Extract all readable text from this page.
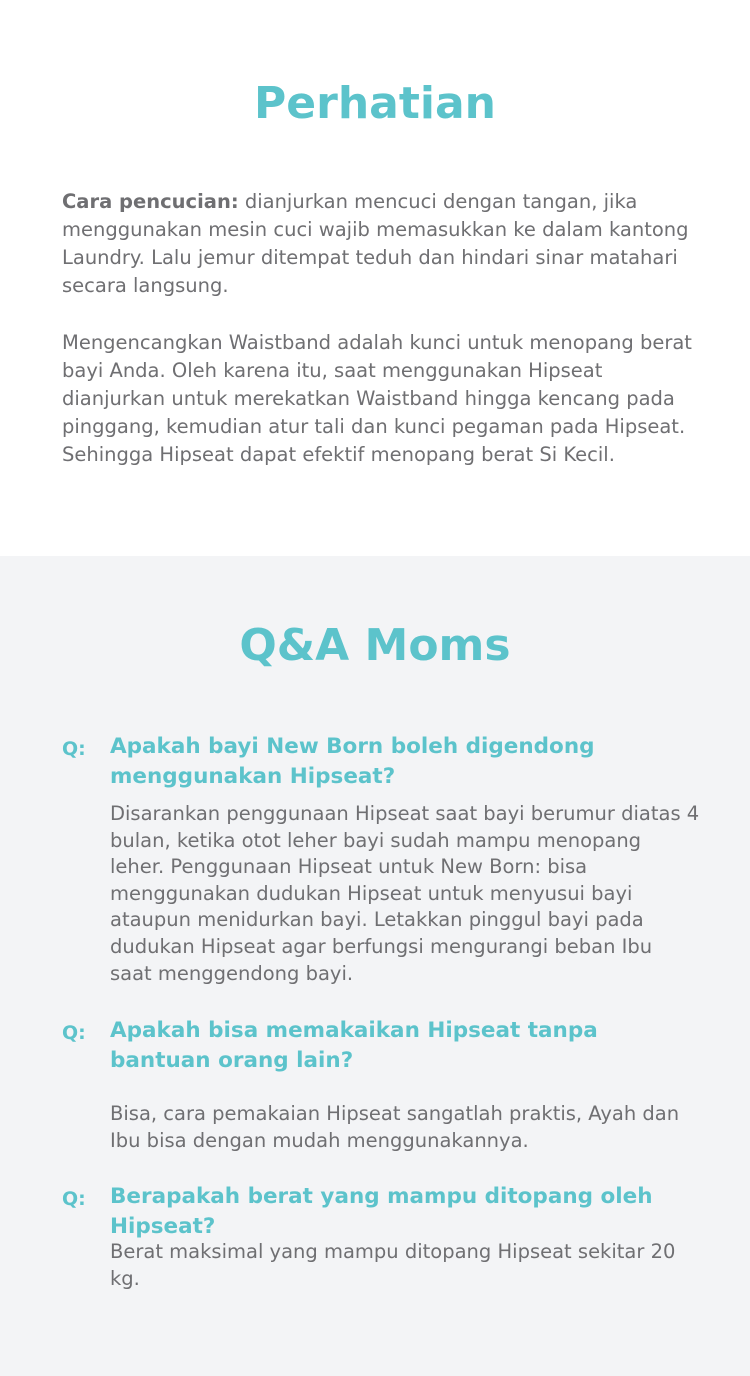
Perhatian

Cara pencucian: dianjurkan mencuci dengan tangan, jika menggunakan mesin cuci wajib memasukkan ke dalam kantong Laundry. Lalu jemur ditempat teduh dan hindari sinar matahari secara langsung.

Mengencangkan Waistband adalah kunci untuk menopang berat bayi Anda. Oleh karena itu, saat menggunakan Hipseat dianjurkan untuk merekatkan Waistband hingga kencang pada pinggang, kemudian atur tali dan kunci pegaman pada Hipseat. Sehingga Hipseat dapat efektif menopang berat Si Kecil.

Q&A Moms
Q: Apakah bayi New Born boleh digendong menggunakan Hipseat?

Disarankan penggunaan Hipseat saat bayi berumur diatas 4 bulan, ketika otot leher bayi sudah mampu menopang leher. Penggunaan Hipseat untuk New Born: bisa menggunakan dudukan Hipseat untuk menyusui bayi ataupun menidurkan bayi. Letakkan pinggul bayi pada dudukan Hipseat agar berfungsi mengurangi beban Ibu saat menggendong bayi.

Q: Apakah bisa memakaikan Hipseat tanpa bantuan orang lain?

Bisa, cara pemakaian Hipseat sangatlah praktis, Ayah dan Ibu bisa dengan mudah menggunakannya.

Q: Berapakah berat yang mampu ditopang oleh Hipseat?

Berat maksimal yang mampu ditopang Hipseat sekitar 20 kg.
